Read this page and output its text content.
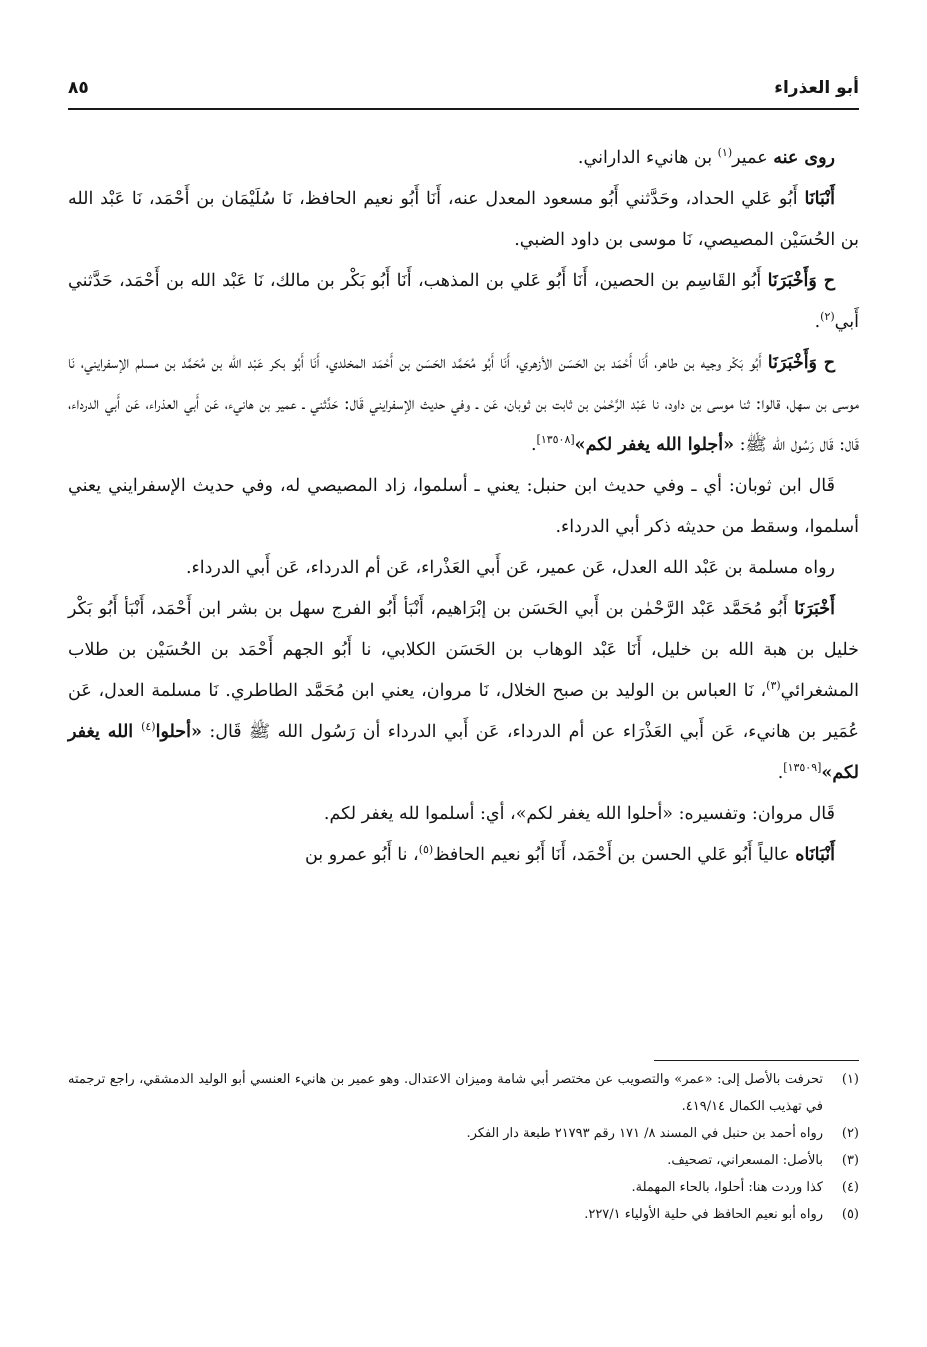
أبو العذراء
٨٥

روى عنه عمير$^{(١)}$ بن هانيء الداراني.

أَنْبَانَا أَبُو عَلي الحداد، وحَدَّثني أَبُو مسعود المعدل عنه، أَنَا أَبُو نعيم الحافظ، نَا سُلَيْمَان بن أَحْمَد، نَا عَبْد الله بن الحُسَيْن المصيصي، نَا موسى بن داود الضبي.

ح وَأَخْبَرَنَا أَبُو القَاسِم بن الحصين، أَنَا أَبُو عَلي بن المذهب، أَنَا أَبُو بَكْر بن مالك، نَا عَبْد الله بن أَحْمَد، حَدَّثني أَبي$^{(٢)}$.

ح وَأَخْبَرَنَا أَبُو بَكْر وجيه بن طاهر، أَنَا أَحْمَد بن الحَسَن الأزهري، أَنَا أَبُو مُحَمَّد الحَسَن بن أَحْمَد المخلدي، أَنَا أَبُو بكر عَبْد الله بن مُحَمَّد بن مسلم الإسفرايني، نَا موسى بن سهل، قالوا: ثنا موسى بن داود، نا عَبْد الرَّحْمٰن بن ثابت بن ثوبان، عَن ـ وفي حديث الإسفرايني قَال: حَدَّثني ـ عمير بن هانيء، عَن أَبي العذراء، عَن أَبي الدرداء، قَال: قَال رَسُول الله ﷺ: «أجلوا الله يغفر لكم»[١٣٥٠٨].

قَال ابن ثوبان: أي ـ وفي حديث ابن حنبل: يعني ـ أسلموا، زاد المصيصي له، وفي حديث الإسفرايني يعني أسلموا، وسقط من حديثه ذكر أبي الدرداء.

رواه مسلمة بن عَبْد الله العدل، عَن عمير، عَن أَبي العَذْراء، عَن أم الدرداء، عَن أَبي الدرداء.

أَخْبَرَنَا أَبُو مُحَمَّد عَبْد الرَّحْمٰن بن أَبي الحَسَن بن إبْرَاهيم، أَنْبَأ أَبُو الفرج سهل بن بشر ابن أَحْمَد، أَنْبَأ أَبُو بَكْر خليل بن هبة الله بن خليل، أَنَا عَبْد الوهاب بن الحَسَن الكلابي، نا أَبُو الجهم أَحْمَد بن الحُسَيْن بن طلاب المشغرائي$^{(٣)}$، نَا العباس بن الوليد بن صبح الخلال، نَا مروان، يعني ابن مُحَمَّد الطاطري. نَا مسلمة العدل، عَن عُمَير بن هانيء، عَن أَبي العَذْرَاء عن أم الدرداء، عَن أَبي الدرداء أن رَسُول الله ﷺ قَال: «أحلوا$^{(٤)}$ الله يغفر لكم»[١٣٥٠٩].

قَال مروان: وتفسيره: «أحلوا الله يغفر لكم»، أي: أسلموا لله يغفر لكم.

أَنْبَانَاه عالياً أَبُو عَلي الحسن بن أَحْمَد، أَنَا أَبُو نعيم الحافظ$^{(٥)}$، نا أَبُو عمرو بن

(١)
تحرفت بالأصل إلى: «عمر» والتصويب عن مختصر أبي شامة وميزان الاعتدال. وهو عمير بن هانيء العنسي أبو الوليد الدمشقي، راجع ترجمته في تهذيب الكمال ٤١٩/١٤.

(٢)
رواه أحمد بن حنبل في المسند ٨/ ١٧١ رقم ٢١٧٩٣ طبعة دار الفكر.

(٣)
بالأصل: المسعراني، تصحيف.

(٤)
كذا وردت هنا: أحلوا، بالحاء المهملة.

(٥)
رواه أبو نعيم الحافظ في حلية الأولياء ٢٢٧/١.
